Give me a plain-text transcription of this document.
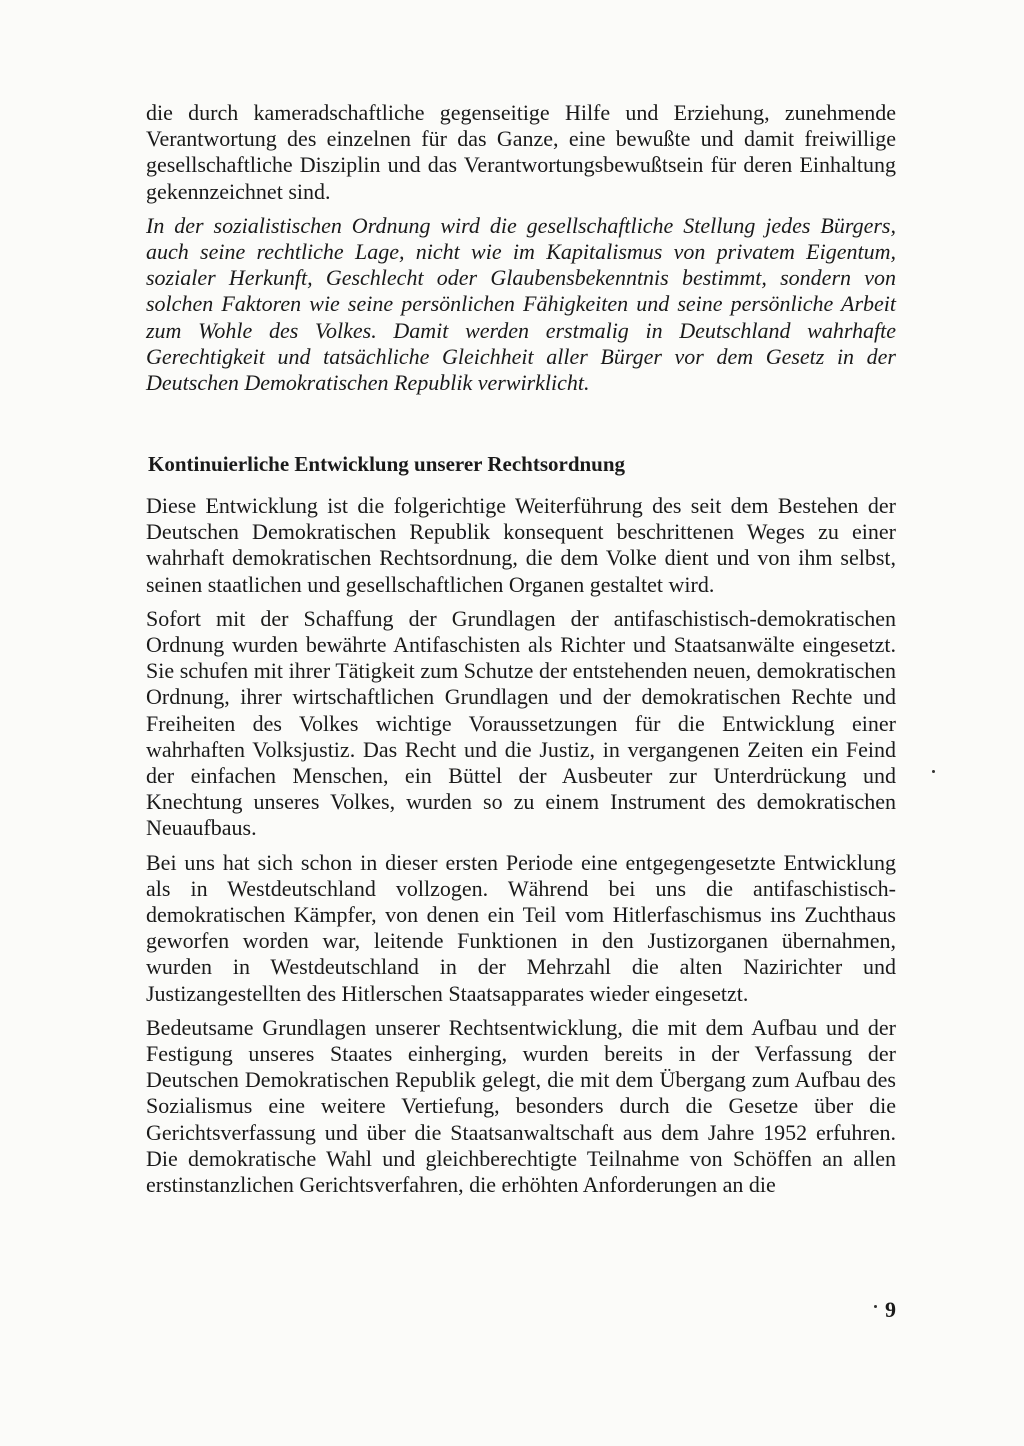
die durch kameradschaftliche gegenseitige Hilfe und Erziehung, zunehmende Verantwortung des einzelnen für das Ganze, eine bewußte und damit freiwillige gesellschaftliche Disziplin und das Verantwortungsbewußtsein für deren Einhaltung gekennzeichnet sind.

In der sozialistischen Ordnung wird die gesellschaftliche Stellung jedes Bürgers, auch seine rechtliche Lage, nicht wie im Kapitalismus von privatem Eigentum, sozialer Herkunft, Geschlecht oder Glaubensbekenntnis bestimmt, sondern von solchen Faktoren wie seine persönlichen Fähigkeiten und seine persönliche Arbeit zum Wohle des Volkes. Damit werden erstmalig in Deutschland wahrhafte Gerechtigkeit und tatsächliche Gleichheit aller Bürger vor dem Gesetz in der Deutschen Demokratischen Republik verwirklicht.

Kontinuierliche Entwicklung unserer Rechtsordnung

Diese Entwicklung ist die folgerichtige Weiterführung des seit dem Bestehen der Deutschen Demokratischen Republik konsequent beschrittenen Weges zu einer wahrhaft demokratischen Rechtsordnung, die dem Volke dient und von ihm selbst, seinen staatlichen und gesellschaftlichen Organen gestaltet wird.

Sofort mit der Schaffung der Grundlagen der antifaschistisch-demokratischen Ordnung wurden bewährte Antifaschisten als Richter und Staatsanwälte eingesetzt. Sie schufen mit ihrer Tätigkeit zum Schutze der entstehenden neuen, demokratischen Ordnung, ihrer wirtschaftlichen Grundlagen und der demokratischen Rechte und Freiheiten des Volkes wichtige Voraussetzungen für die Entwicklung einer wahrhaften Volksjustiz. Das Recht und die Justiz, in vergangenen Zeiten ein Feind der einfachen Menschen, ein Büttel der Ausbeuter zur Unterdrückung und Knechtung unseres Volkes, wurden so zu einem Instrument des demokratischen Neuaufbaus.

Bei uns hat sich schon in dieser ersten Periode eine entgegengesetzte Entwicklung als in Westdeutschland vollzogen. Während bei uns die antifaschistisch-demokratischen Kämpfer, von denen ein Teil vom Hitlerfaschismus ins Zuchthaus geworfen worden war, leitende Funktionen in den Justizorganen übernahmen, wurden in Westdeutschland in der Mehrzahl die alten Nazirichter und Justizangestellten des Hitlerschen Staatsapparates wieder eingesetzt.

Bedeutsame Grundlagen unserer Rechtsentwicklung, die mit dem Aufbau und der Festigung unseres Staates einherging, wurden bereits in der Verfassung der Deutschen Demokratischen Republik gelegt, die mit dem Übergang zum Aufbau des Sozialismus eine weitere Vertiefung, besonders durch die Gesetze über die Gerichtsverfassung und über die Staatsanwaltschaft aus dem Jahre 1952 erfuhren. Die demokratische Wahl und gleichberechtigte Teilnahme von Schöffen an allen erstinstanzlichen Gerichtsverfahren, die erhöhten Anforderungen an die

9
